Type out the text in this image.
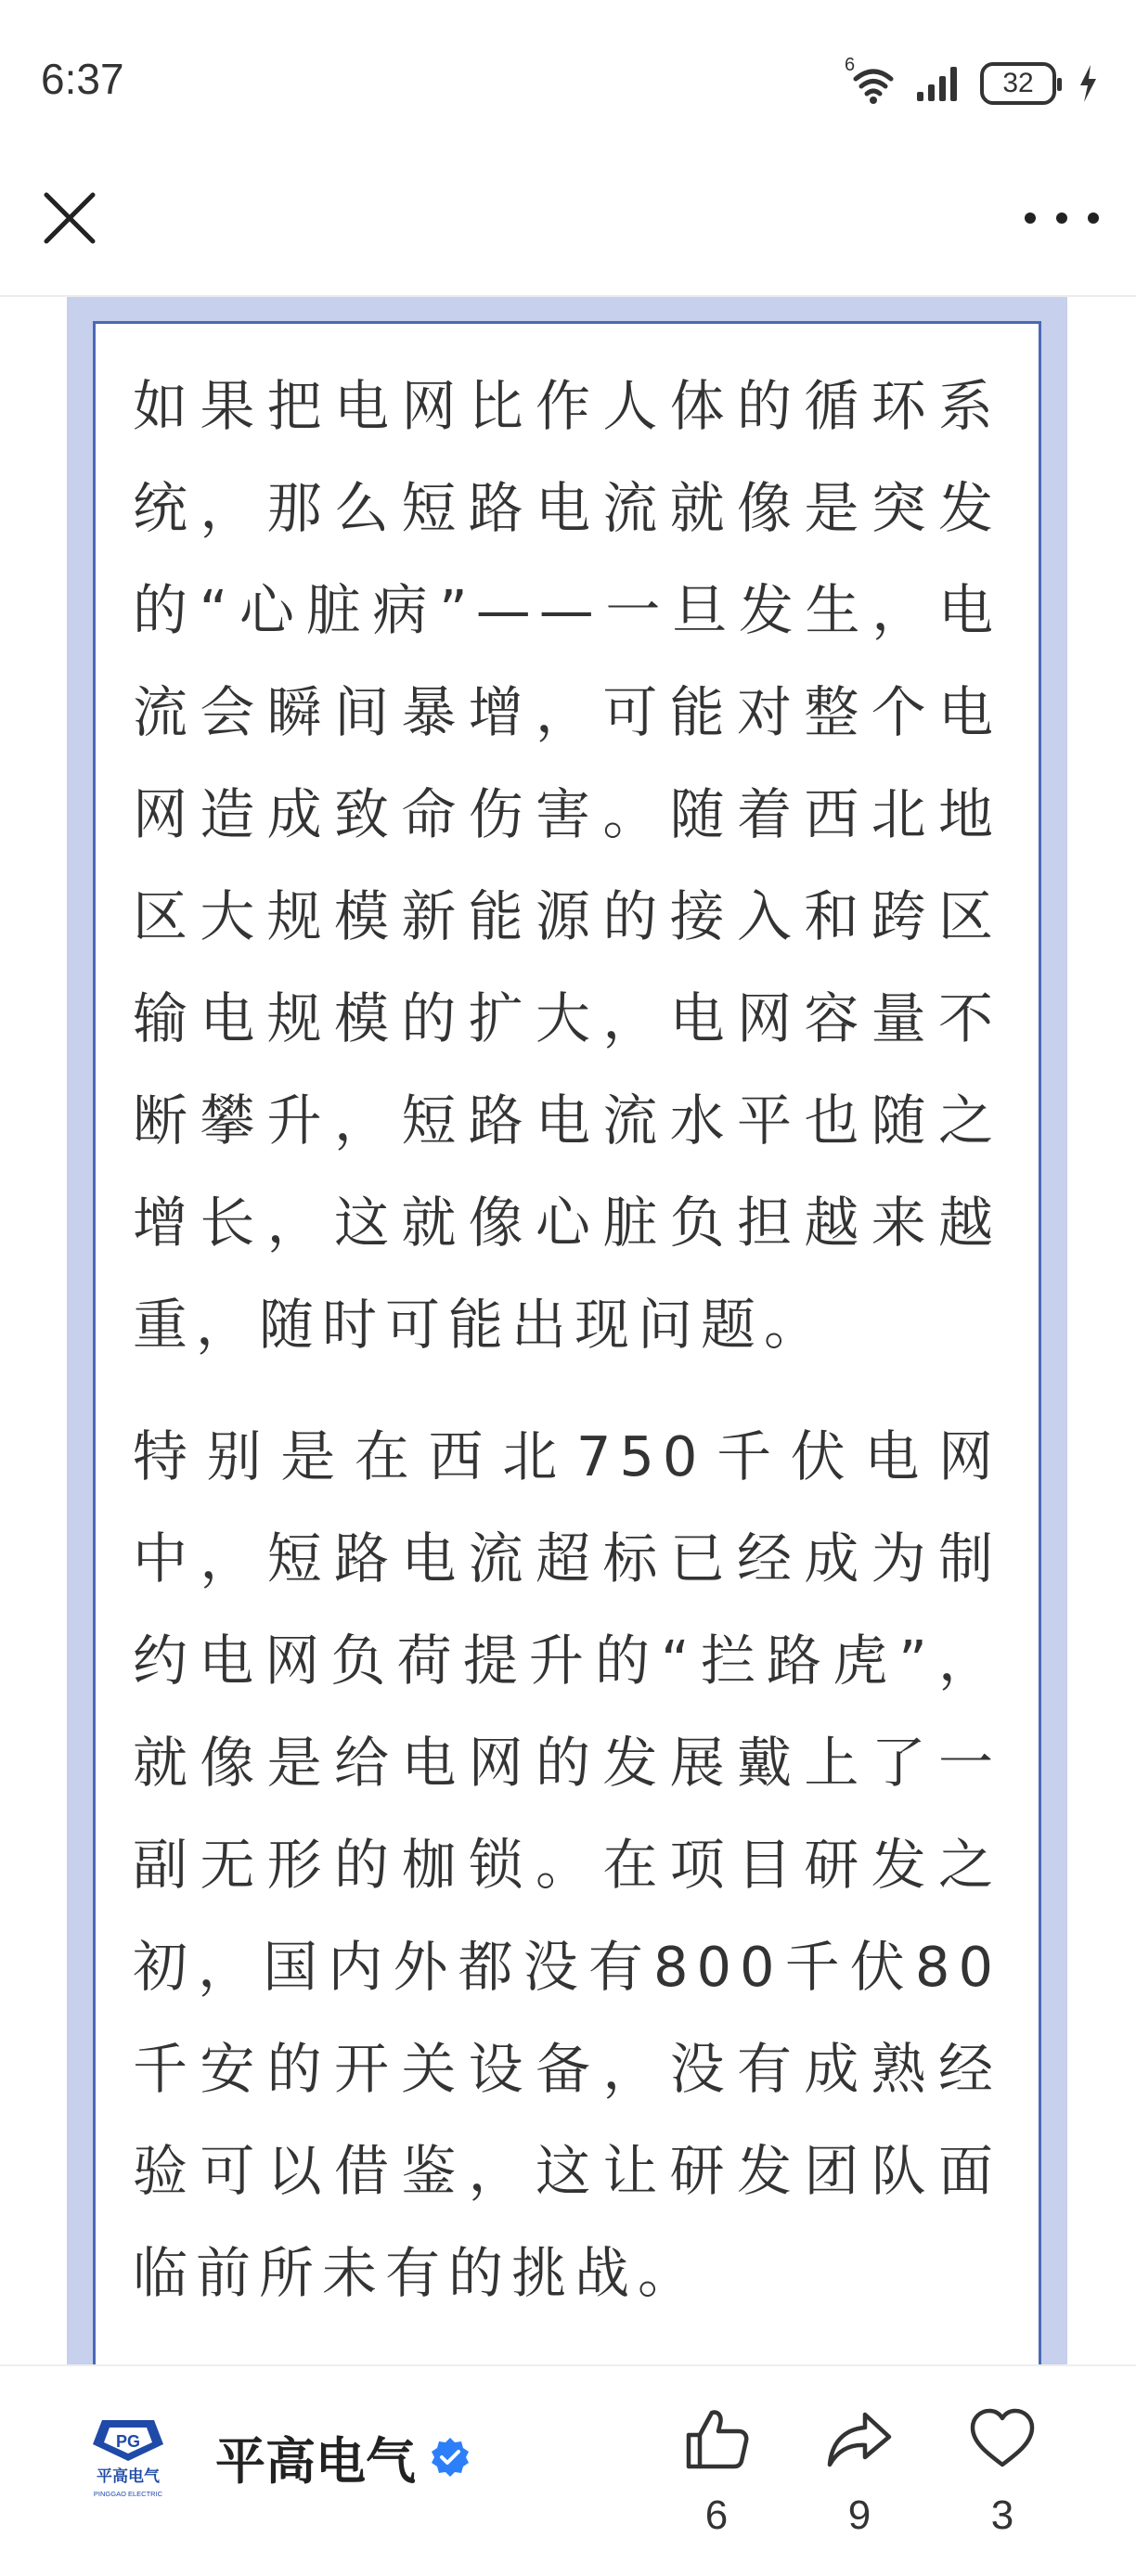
6:37	6
32

如果把电网比作人体的循环系统，那么短路电流就像是突发的“心脏病”——一旦发生，电流会瞬间暴增，可能对整个电网造成致命伤害。随着西北地区大规模新能源的接入和跨区输电规模的扩大，电网容量不断攀升，短路电流水平也随之增长，这就像心脏负担越来越重，随时可能出现问题。

特别是在西北750千伏电网中，短路电流超标已经成为制约电网负荷提升的“拦路虎”，就像是给电网的发展戴上了一副无形的枷锁。在项目研发之初，国内外都没有800千伏80千安的开关设备，没有成熟经验可以借鉴，这让研发团队面临前所未有的挑战。

PG
平高电气
PINGGAO ELECTRIC
平高电气
6	9	3
